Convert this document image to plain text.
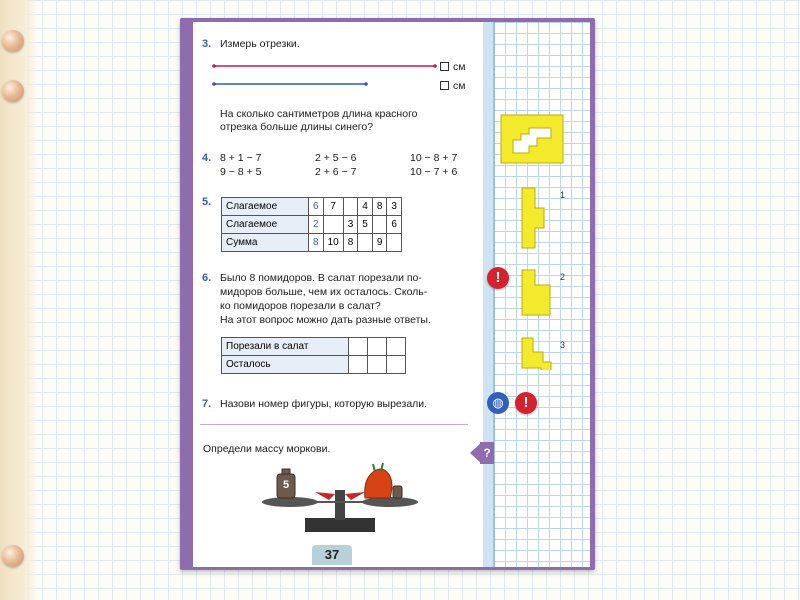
3. Измерь отрезки.
см
см
На сколько сантиметров длина красного
отрезка больше длины синего?
4. 8 + 1 − 7	2 + 5 − 6	10 − 8 + 7
9 − 8 + 5	2 + 6 − 7	10 − 7 + 6
5. Слагаемое	6	7		4	8	3
Слагаемое	2		3	5		6
Сумма	8	10	8		9	
6. Было 8 помидоров. В салат порезали по-
мидоров больше, чем их осталось. Сколь-
ко помидоров порезали в салат?
На этот вопрос можно дать разные ответы.
Порезали в салат			
Осталось			
7. Назови номер фигуры, которую вырезали.
Определи массу моркови.
5
37
1
2
3
!
◍	!
?
